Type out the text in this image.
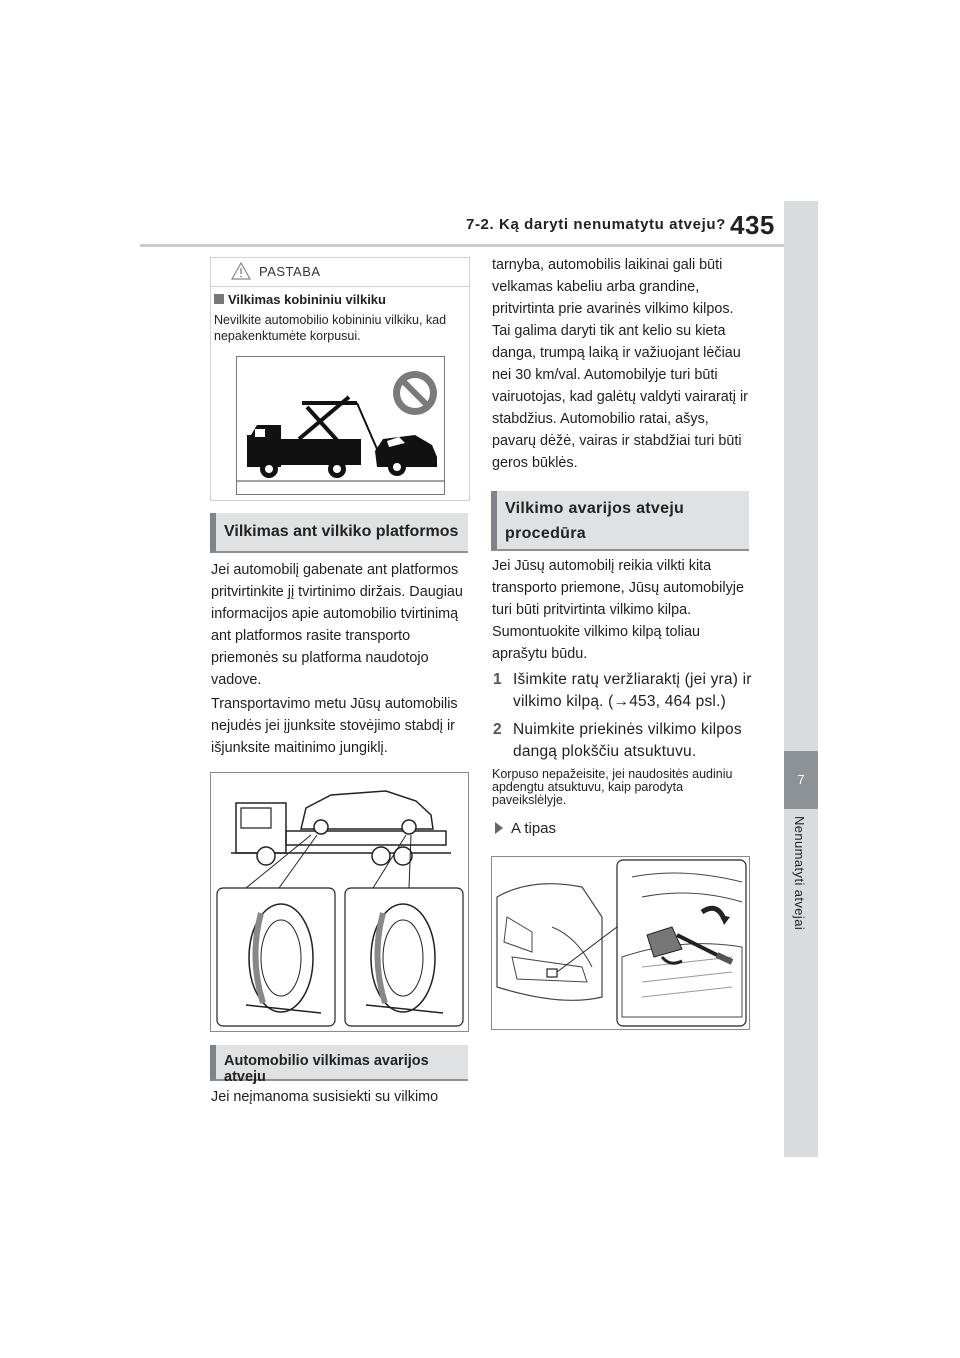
7-2. Ką daryti nenumatytu atveju? 435
7
Nenumatyti atvejai
PASTABA
Vilkimas kobininiu vilkiku
Nevilkite automobilio kobininiu vilkiku, kad nepakenktumėte korpusui.
Vilkimas ant vilkiko platformos
Jei automobilį gabenate ant platformos pritvirtinkite jį tvirtinimo diržais. Daugiau informacijos apie automobilio tvirtinimą ant platformos rasite transporto priemonės su platforma naudotojo vadove.
Transportavimo metu Jūsų automobilis nejudės jei įjunksite stovėjimo stabdį ir išjunksite maitinimo jungiklį.
Automobilio vilkimas avarijos atveju
Jei neįmanoma susisiekti su vilkimo
tarnyba, automobilis laikinai gali būti velkamas kabeliu arba grandine, pritvirtinta prie avarinės vilkimo kilpos. Tai galima daryti tik ant kelio su kieta danga, trumpą laiką ir važiuojant lėčiau nei 30 km/val. Automobilyje turi būti vairuotojas, kad galėtų valdyti vairaratį ir stabdžius. Automobilio ratai, ašys, pavarų dėžė, vairas ir stabdžiai turi būti geros būklės.
Vilkimo avarijos atveju procedūra
Jei Jūsų automobilį reikia vilkti kita transporto priemone, Jūsų automobilyje turi būti pritvirtinta vilkimo kilpa. Sumontuokite vilkimo kilpą toliau aprašytu būdu.
1 Išimkite ratų veržliaraktį (jei yra) ir vilkimo kilpą. (→453, 464 psl.)
2 Nuimkite priekinės vilkimo kilpos dangą plokščiu atsuktuvu.
Korpuso nepažeisite, jei naudositės audiniu apdengtu atsuktuvu, kaip parodyta paveikslėlyje.
A tipas
